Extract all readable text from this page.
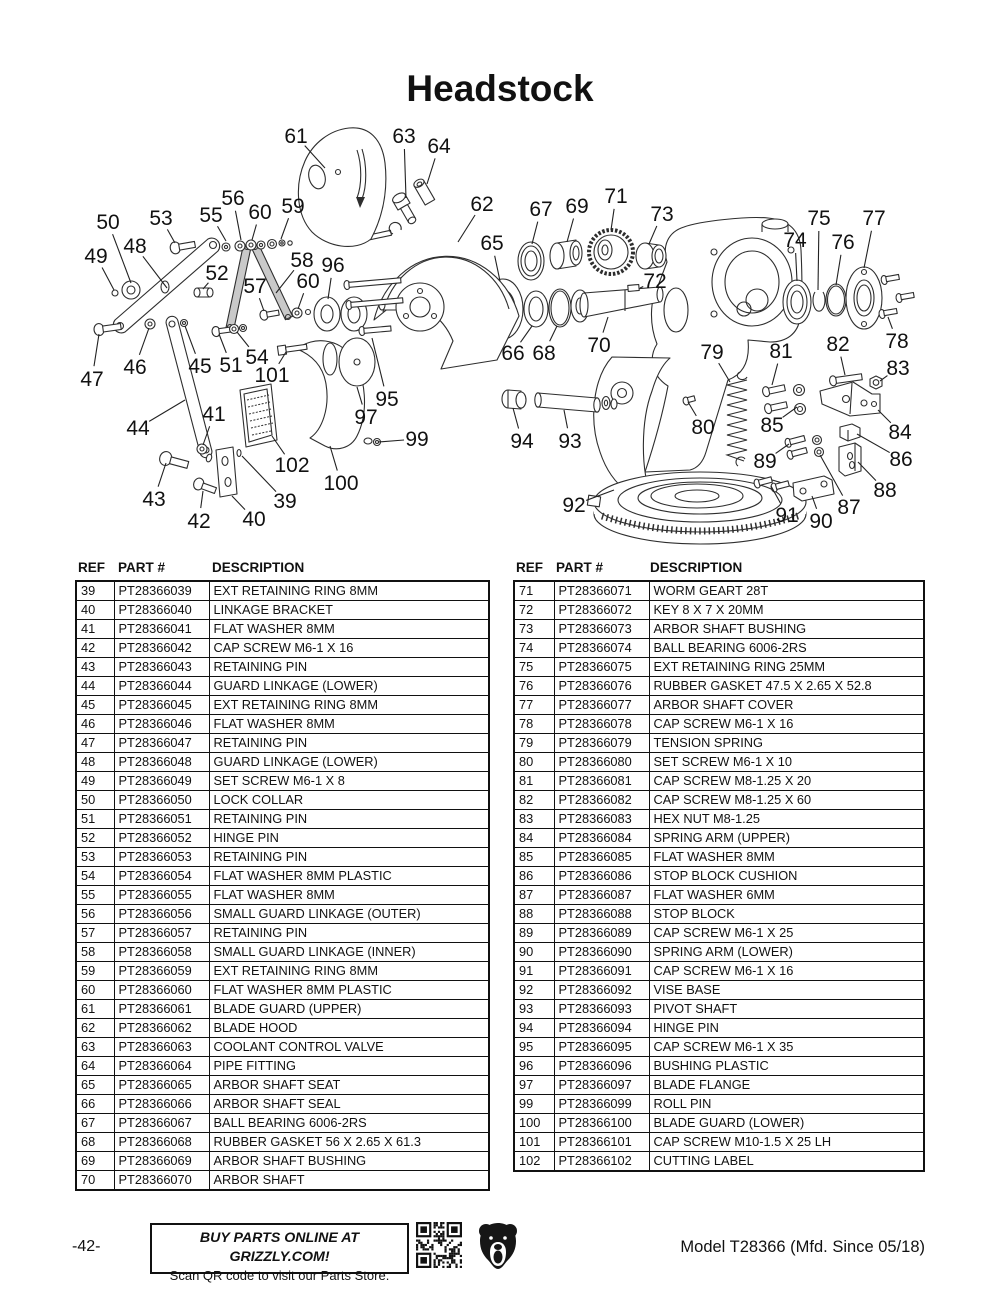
Headstock
61	63 64
56
60 59
55
53
50
49 48
52
57
58
60
96
62
65
67 69 71
73
74
75
76
77
72
66 68 70	78
79 81 82
83
84
85
80
86
88
87
89
90
91
92
93
94
95
97
99
100
102
39
40
42
43
44
41
47
46 45 51 54
101
REF PART #	DESCRIPTION
39	PT28366039	EXT RETAINING RING 8MM
40	PT28366040	LINKAGE BRACKET
41	PT28366041	FLAT WASHER 8MM
42	PT28366042	CAP SCREW M6-1 X 16
43	PT28366043	RETAINING PIN
44	PT28366044	GUARD LINKAGE (LOWER)
45	PT28366045	EXT RETAINING RING 8MM
46	PT28366046	FLAT WASHER 8MM
47	PT28366047	RETAINING PIN
48	PT28366048	GUARD LINKAGE (LOWER)
49	PT28366049	SET SCREW M6-1 X 8
50	PT28366050	LOCK COLLAR
51	PT28366051	RETAINING PIN
52	PT28366052	HINGE PIN
53	PT28366053	RETAINING PIN
54	PT28366054	FLAT WASHER 8MM PLASTIC
55	PT28366055	FLAT WASHER 8MM
56	PT28366056	SMALL GUARD LINKAGE (OUTER)
57	PT28366057	RETAINING PIN
58	PT28366058	SMALL GUARD LINKAGE (INNER)
59	PT28366059	EXT RETAINING RING 8MM
60	PT28366060	FLAT WASHER 8MM PLASTIC
61	PT28366061	BLADE GUARD (UPPER)
62	PT28366062	BLADE HOOD
63	PT28366063	COOLANT CONTROL VALVE
64	PT28366064	PIPE FITTING
65	PT28366065	ARBOR SHAFT SEAT
66	PT28366066	ARBOR SHAFT SEAL
67	PT28366067	BALL BEARING 6006-2RS
68	PT28366068	RUBBER GASKET 56 X 2.65 X 61.3
69	PT28366069	ARBOR SHAFT BUSHING
70	PT28366070	ARBOR SHAFT
REF PART #	DESCRIPTION
71	PT28366071	WORM GEART 28T
72	PT28366072	KEY 8 X 7 X 20MM
73	PT28366073	ARBOR SHAFT BUSHING
74	PT28366074	BALL BEARING 6006-2RS
75	PT28366075	EXT RETAINING RING 25MM
76	PT28366076	RUBBER GASKET 47.5 X 2.65 X 52.8
77	PT28366077	ARBOR SHAFT COVER
78	PT28366078	CAP SCREW M6-1 X 16
79	PT28366079	TENSION SPRING
80	PT28366080	SET SCREW M6-1 X 10
81	PT28366081	CAP SCREW M8-1.25 X 20
82	PT28366082	CAP SCREW M8-1.25 X 60
83	PT28366083	HEX NUT M8-1.25
84	PT28366084	SPRING ARM (UPPER)
85	PT28366085	FLAT WASHER 8MM
86	PT28366086	STOP BLOCK CUSHION
87	PT28366087	FLAT WASHER 6MM
88	PT28366088	STOP BLOCK
89	PT28366089	CAP SCREW M6-1 X 25
90	PT28366090	SPRING ARM (LOWER)
91	PT28366091	CAP SCREW M6-1 X 16
92	PT28366092	VISE BASE
93	PT28366093	PIVOT SHAFT
94	PT28366094	HINGE PIN
95	PT28366095	CAP SCREW M6-1 X 35
96	PT28366096	BUSHING PLASTIC
97	PT28366097	BLADE FLANGE
99	PT28366099	ROLL PIN
100	PT28366100	BLADE GUARD (LOWER)
101	PT28366101	CAP SCREW M10-1.5 X 25 LH
102	PT28366102	CUTTING LABEL
-42-	BUY PARTS ONLINE AT GRIZZLY.COM!
Scan QR code to visit our Parts Store.
Model T28366 (Mfd. Since 05/18)
